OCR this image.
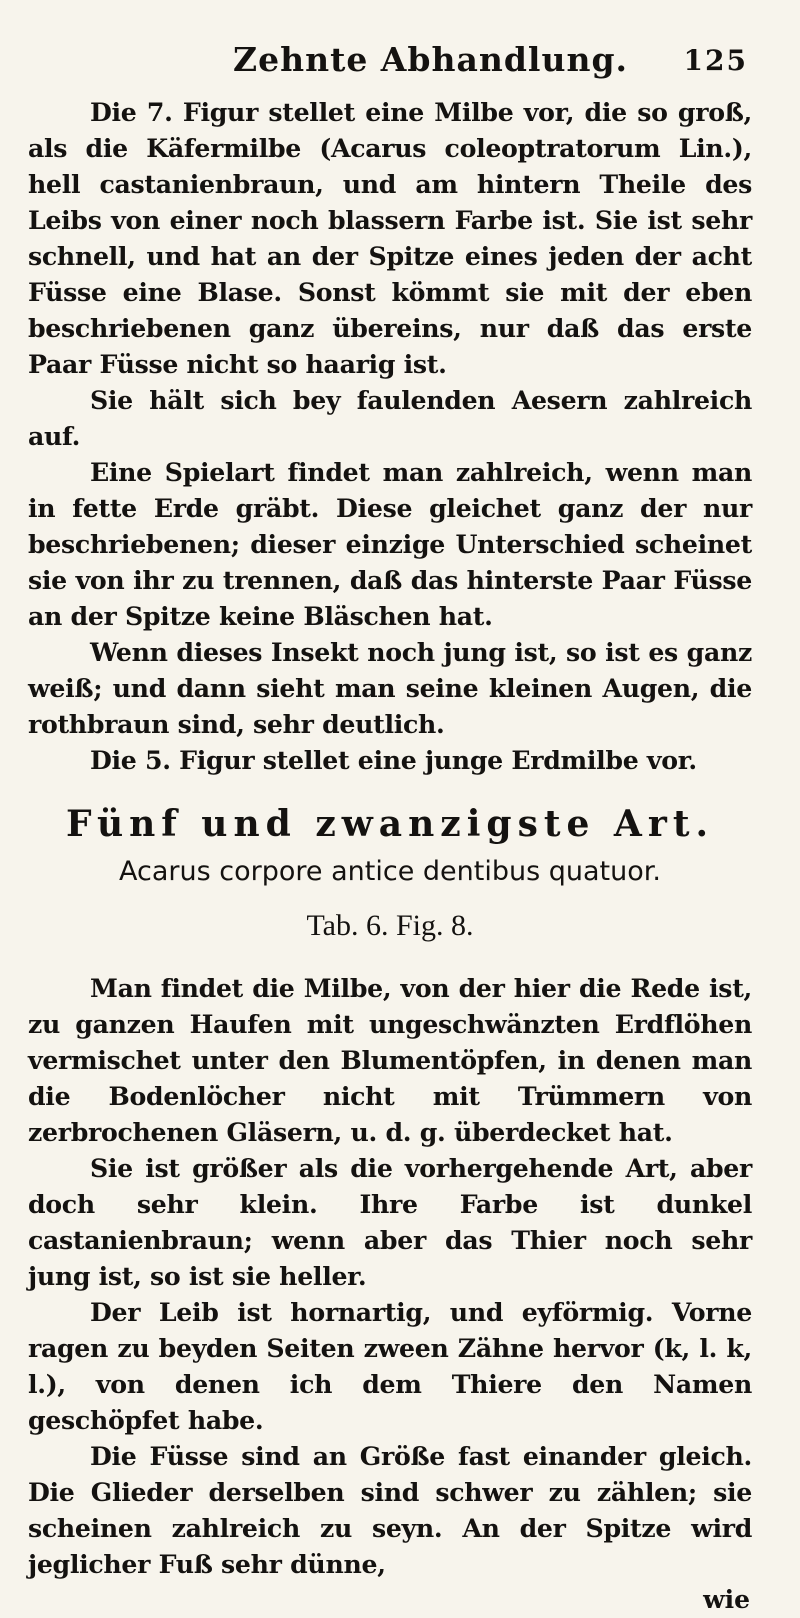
Zehnte Abhandlung. 125

Die 7. Figur stellet eine Milbe vor, die so groß, als die Käfermilbe (Acarus coleoptratorum Lin.), hell castanienbraun, und am hintern Theile des Leibs von einer noch blassern Farbe ist. Sie ist sehr schnell, und hat an der Spitze eines jeden der acht Füsse eine Blase. Sonst kömmt sie mit der eben beschriebenen ganz übereins, nur daß das erste Paar Füsse nicht so haarig ist.

Sie hält sich bey faulenden Aesern zahlreich auf.

Eine Spielart findet man zahlreich, wenn man in fette Erde gräbt. Diese gleichet ganz der nur beschriebenen; dieser einzige Unterschied scheinet sie von ihr zu trennen, daß das hinterste Paar Füsse an der Spitze keine Bläschen hat.

Wenn dieses Insekt noch jung ist, so ist es ganz weiß; und dann sieht man seine kleinen Augen, die rothbraun sind, sehr deutlich.

Die 5. Figur stellet eine junge Erdmilbe vor.

Fünf und zwanzigste Art.

Acarus corpore antice dentibus quatuor.

Tab. 6. Fig. 8.

Man findet die Milbe, von der hier die Rede ist, zu ganzen Haufen mit ungeschwänzten Erdflöhen vermischet unter den Blumentöpfen, in denen man die Bodenlöcher nicht mit Trümmern von zerbrochenen Gläsern, u. d. g. überdecket hat.

Sie ist größer als die vorhergehende Art, aber doch sehr klein. Ihre Farbe ist dunkel castanienbraun; wenn aber das Thier noch sehr jung ist, so ist sie heller.

Der Leib ist hornartig, und eyförmig. Vorne ragen zu beyden Seiten zween Zähne hervor (k, l. k, l.), von denen ich dem Thiere den Namen geschöpfet habe.

Die Füsse sind an Größe fast einander gleich. Die Glieder derselben sind schwer zu zählen; sie scheinen zahlreich zu seyn. An der Spitze wird jeglicher Fuß sehr dünne,

wie
